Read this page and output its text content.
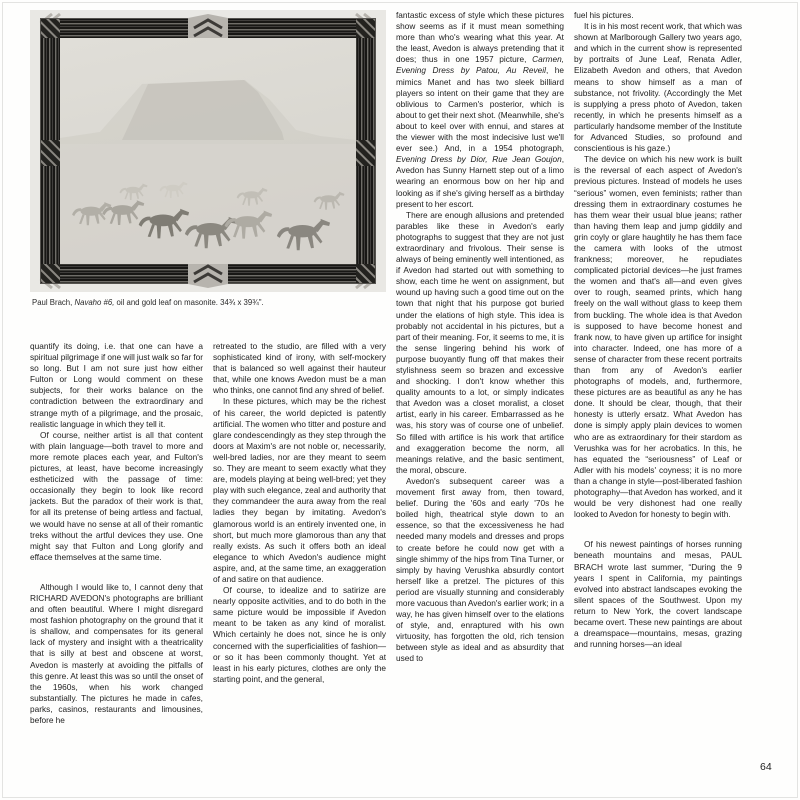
Paul Brach, Navaho #6, oil and gold leaf on masonite. 34¾ x 39¾".

quantify its doing, i.e. that one can have a spiritual pilgrimage if one will just walk so far for so long. But I am not sure just how either Fulton or Long would comment on these subjects, for their works balance on the contradiction between the extraordinary and strange myth of a pilgrimage, and the prosaic, realistic language in which they tell it.

Of course, neither artist is all that content with plain language—both travel to more and more remote places each year, and Fulton's pictures, at least, have become increasingly estheticized with the passage of time: occasionally they begin to look like record jackets. But the paradox of their work is that, for all its pretense of being artless and factual, we would have no sense at all of their romantic treks without the artful devices they use. One might say that Fulton and Long glorify and efface themselves at the same time.

Although I would like to, I cannot deny that RICHARD AVEDON's photographs are brilliant and often beautiful. Where I might disregard most fashion photography on the ground that it is shallow, and compensates for its general lack of mystery and insight with a theatricality that is silly at best and obscene at worst, Avedon is masterly at avoiding the pitfalls of this genre. At least this was so until the onset of the 1960s, when his work changed substantially. The pictures he made in cafes, parks, casinos, restaurants and limousines, before he

retreated to the studio, are filled with a very sophisticated kind of irony, with self-mockery that is balanced so well against their hauteur that, while one knows Avedon must be a man who thinks, one cannot find any shred of belief.

In these pictures, which may be the richest of his career, the world depicted is patently artificial. The women who titter and posture and glare condescendingly as they step through the doors at Maxim's are not noble or, necessarily, well-bred ladies, nor are they meant to seem so. They are meant to seem exactly what they are, models playing at being well-bred; yet they play with such elegance, zeal and authority that they commandeer the aura away from the real ladies they began by imitating. Avedon's glamorous world is an entirely invented one, in short, but much more glamorous than any that really exists. As such it offers both an ideal elegance to which Avedon's audience might aspire, and, at the same time, an exaggeration of and satire on that audience.

Of course, to idealize and to satirize are nearly opposite activities, and to do both in the same picture would be impossible if Avedon meant to be taken as any kind of moralist. Which certainly he does not, since he is only concerned with the superficialities of fashion—or so it has been commonly thought. Yet at least in his early pictures, clothes are only the starting point, and the general,

fantastic excess of style which these pictures show seems as if it must mean something more than who's wearing what this year. At the least, Avedon is always pretending that it does; thus in one 1957 picture, Carmen, Evening Dress by Patou, Au Reveil, he mimics Manet and has two sleek billiard players so intent on their game that they are oblivious to Carmen's posterior, which is about to get their next shot. (Meanwhile, she's about to keel over with ennui, and stares at the viewer with the most indecisive lust we'll ever see.) And, in a 1954 photograph, Evening Dress by Dior, Rue Jean Goujon, Avedon has Sunny Harnett step out of a limo wearing an enormous bow on her hip and looking as if she's giving herself as a birthday present to her escort.

There are enough allusions and pretended parables like these in Avedon's early photographs to suggest that they are not just extraordinary and frivolous. Their sense is always of being eminently well intentioned, as if Avedon had started out with something to show, each time he went on assignment, but wound up having such a good time out on the town that night that his purpose got buried under the elations of high style. This idea is probably not accidental in his pictures, but a part of their meaning. For, it seems to me, it is the sense lingering behind his work of purpose buoyantly flung off that makes their stylishness seem so brazen and excessive and shocking. I don't know whether this quality amounts to a lot, or simply indicates that Avedon was a closet moralist, a closet artist, early in his career. Embarrassed as he was, his story was of course one of unbelief. So filled with artifice is his work that artifice and exaggeration become the norm, all meanings relative, and the basic sentiment, the moral, obscure.

Avedon's subsequent career was a movement first away from, then toward, belief. During the '60s and early '70s he boiled high, theatrical style down to an essence, so that the excessiveness he had needed many models and dresses and props to create before he could now get with a single shimmy of the hips from Tina Turner, or simply by having Verushka absurdly contort herself like a pretzel. The pictures of this period are visually stunning and considerably more vacuous than Avedon's earlier work; in a way, he has given himself over to the elations of style, and, enraptured with his own virtuosity, has forgotten the old, rich tension between style as ideal and as absurdity that used to

fuel his pictures.

It is in his most recent work, that which was shown at Marlborough Gallery two years ago, and which in the current show is represented by portraits of June Leaf, Renata Adler, Elizabeth Avedon and others, that Avedon means to show himself as a man of substance, not frivolity. (Accordingly the Met is supplying a press photo of Avedon, taken recently, in which he presents himself as a particularly handsome member of the Institute for Advanced Studies, so profound and conscientious is his gaze.)

The device on which his new work is built is the reversal of each aspect of Avedon's previous pictures. Instead of models he uses “serious” women, even feminists; rather than dressing them in extraordinary costumes he has them wear their usual blue jeans; rather than having them leap and jump giddily and grin coyly or glare haughtily he has them face the camera with looks of the utmost frankness; moreover, he repudiates complicated pictorial devices—he just frames the women and that's all—and even gives over to rough, seamed prints, which hang freely on the wall without glass to keep them from buckling. The whole idea is that Avedon is supposed to have become honest and frank now, to have given up artifice for insight into character. Indeed, one has more of a sense of character from these recent portraits than from any of Avedon's earlier photographs of models, and, furthermore, these pictures are as beautiful as any he has done. It should be clear, though, that their honesty is utterly ersatz. What Avedon has done is simply apply plain devices to women who are as extraordinary for their stardom as Verushka was for her acrobatics. In this, he has equated the “seriousness” of Leaf or Adler with his models' coyness; it is no more than a change in style—post-liberated fashion photography—that Avedon has worked, and it would be very dishonest had one really looked to Avedon for honesty to begin with.

Of his newest paintings of horses running beneath mountains and mesas, PAUL BRACH wrote last summer, “During the 9 years I spent in California, my paintings evolved into abstract landscapes evoking the silent spaces of the Southwest. Upon my return to New York, the covert landscape became overt. These new paintings are about a dreamspace—mountains, mesas, grazing and running horses—an ideal

64
